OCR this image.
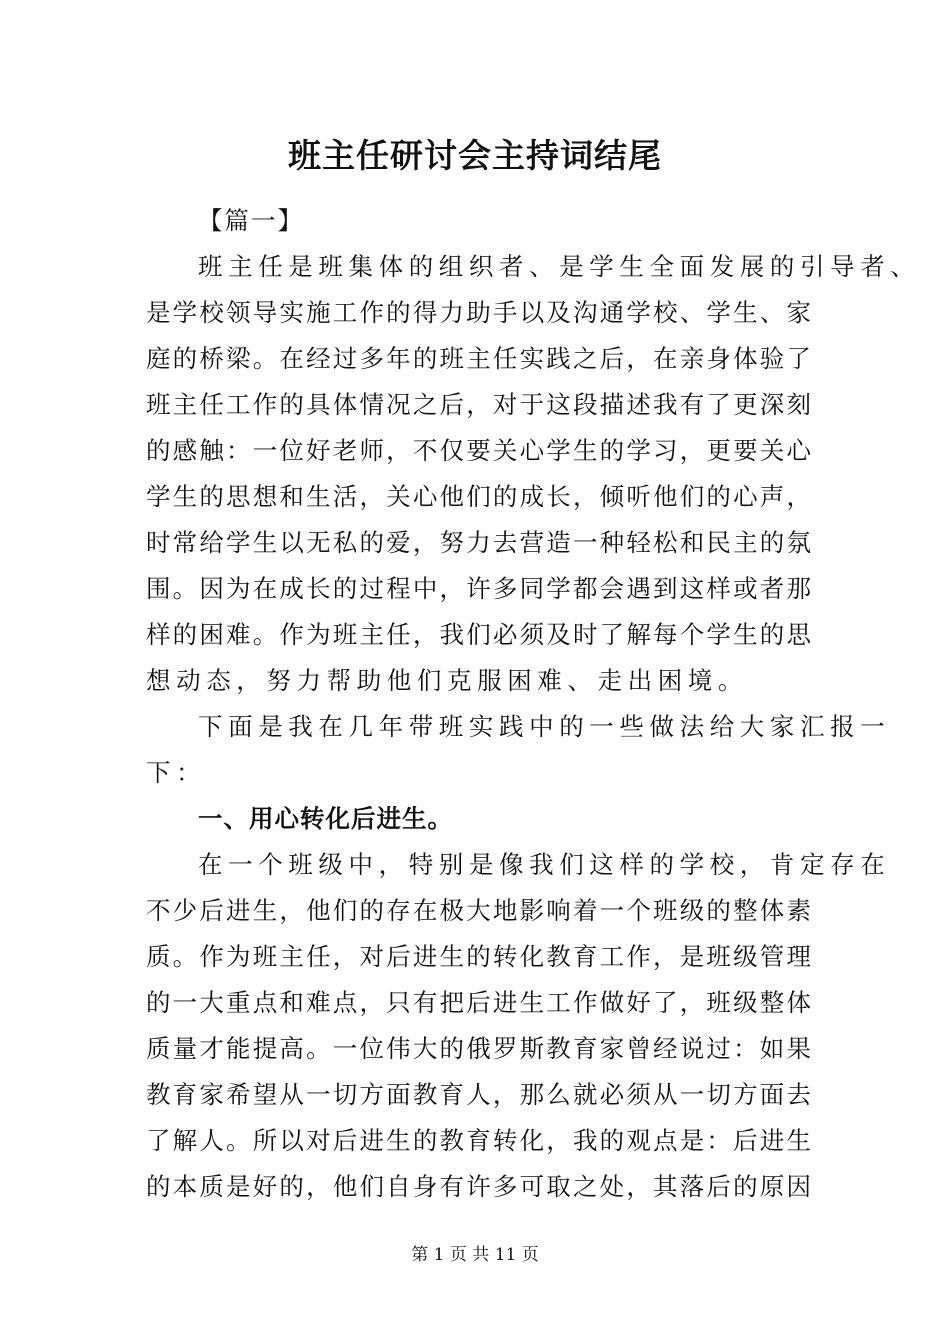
班主任研讨会主持词结尾
【篇一】
班主任是班集体的组织者、是学生全面发展的引导者、
是学校领导实施工作的得力助手以及沟通学校、学生、家
庭的桥梁。在经过多年的班主任实践之后，在亲身体验了
班主任工作的具体情况之后，对于这段描述我有了更深刻
的感触：一位好老师，不仅要关心学生的学习，更要关心
学生的思想和生活，关心他们的成长，倾听他们的心声，
时常给学生以无私的爱，努力去营造一种轻松和民主的氛
围。因为在成长的过程中，许多同学都会遇到这样或者那
样的困难。作为班主任，我们必须及时了解每个学生的思
想动态，努力帮助他们克服困难、走出困境。
下面是我在几年带班实践中的一些做法给大家汇报一
下：
一、用心转化后进生。
在一个班级中，特别是像我们这样的学校，肯定存在
不少后进生，他们的存在极大地影响着一个班级的整体素
质。作为班主任，对后进生的转化教育工作，是班级管理
的一大重点和难点，只有把后进生工作做好了，班级整体
质量才能提高。一位伟大的俄罗斯教育家曾经说过：如果
教育家希望从一切方面教育人，那么就必须从一切方面去
了解人。所以对后进生的教育转化，我的观点是：后进生
的本质是好的，他们自身有许多可取之处，其落后的原因
第 1 页 共 11 页
